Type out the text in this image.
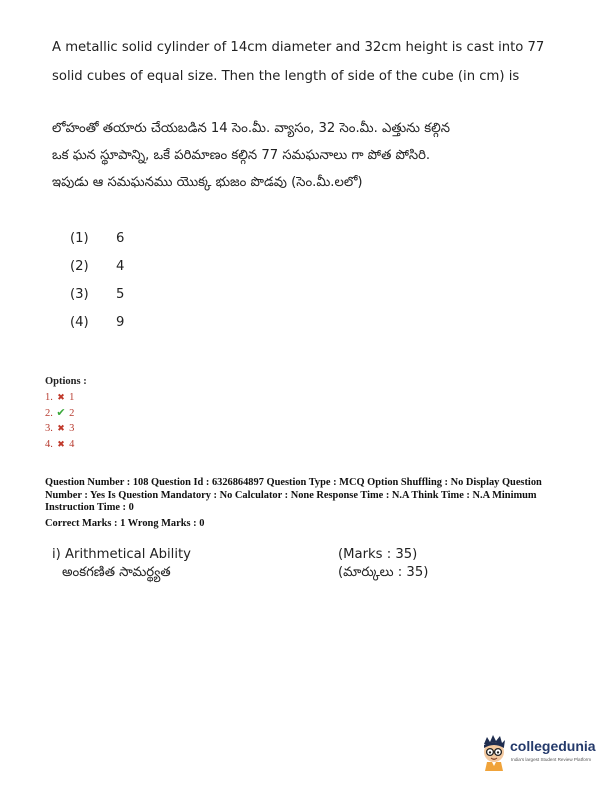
A metallic solid cylinder of 14cm diameter and 32cm height is cast into 77
solid cubes of equal size. Then the length of side of the cube (in cm) is
లోహంతో తయారు చేయబడిన 14 సెం.మీ. వ్యాసం, 32 సెం.మీ. ఎత్తును కల్గిన
ఒక ఘన స్థూపాన్ని, ఒకే పరిమాణం కల్గిన 77 సమఘనాలు గా పోత పోసిరి.
ఇపుడు ఆ సమఘనము యొక్క భుజం పొడవు (సెం.మీ.లలో)
(1) 6
(2) 4
(3) 5
(4) 9
Options :
1. ✖ 1
2. ✔ 2
3. ✖ 3
4. ✖ 4

Question Number : 108 Question Id : 6326864897 Question Type : MCQ Option Shuffling : No Display Question Number : Yes Is Question Mandatory : No Calculator : None Response Time : N.A Think Time : N.A Minimum Instruction Time : 0

Correct Marks : 1 Wrong Marks : 0

i) Arithmetical Ability
అంకగణిత సామర్థ్యత
(Marks : 35)
(మార్కులు : 35)
collegedunia
India's largest Student Review Platform
